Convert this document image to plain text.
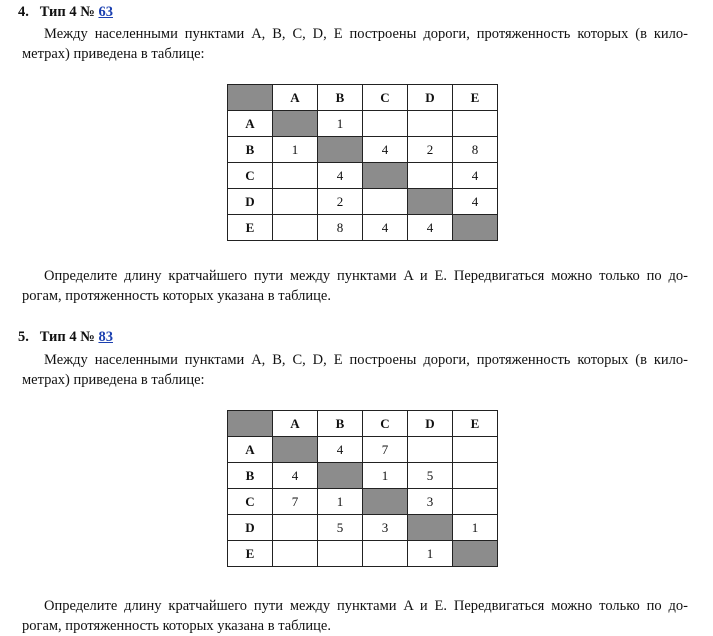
4. Тип 4 № 63
Между населенными пунктами A, B, C, D, E построены дороги, протяженность которых (в кило- метрах) приведена в таблице:
	A	B	C	D	E
A		1			
B	1		4	2	8
C		4			4
D		2			4
E		8	4	4	
Определите длину кратчайшего пути между пунктами A и E. Передвигаться можно только по до- рогам, протяженность которых указана в таблице.
5. Тип 4 № 83
Между населенными пунктами A, B, C, D, E построены дороги, протяженность которых (в кило- метрах) приведена в таблице:
	A	B	C	D	E
A		4	7		
B	4		1	5	
C	7	1		3	
D		5	3		1
E				1	
Определите длину кратчайшего пути между пунктами A и E. Передвигаться можно только по до- рогам, протяженность которых указана в таблице.
